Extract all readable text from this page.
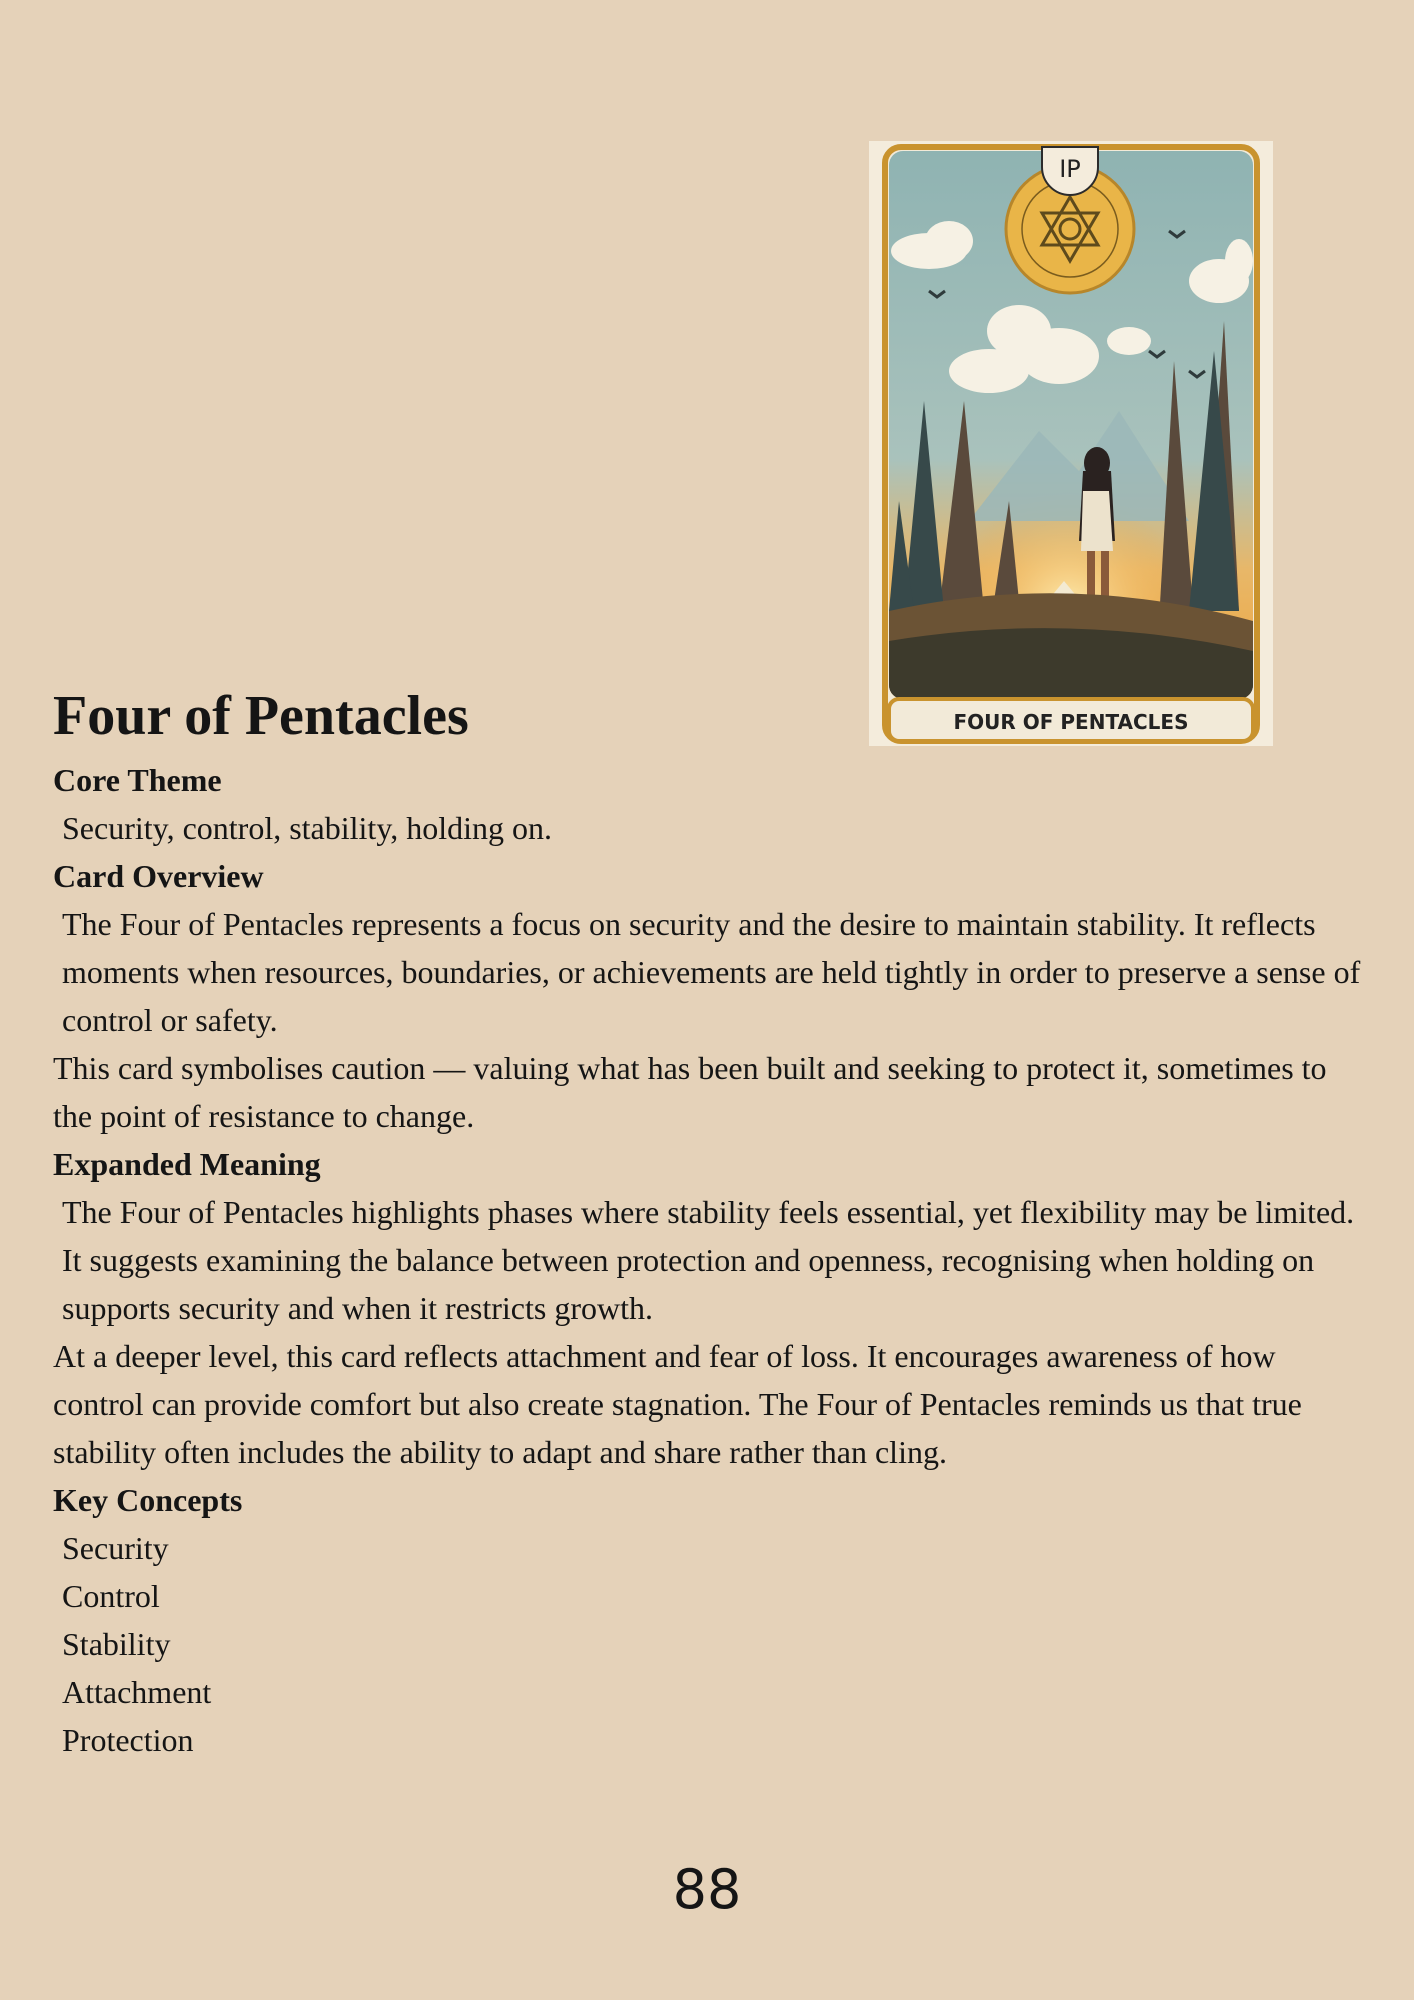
IP
FOUR OF PENTACLES
Four of Pentacles

Core Theme

Security, control, stability, holding on.

Card Overview

The Four of Pentacles represents a focus on security and the desire to maintain stability. It reflects moments when resources, boundaries, or achievements are held tightly in order to preserve a sense of control or safety.

This card symbolises caution — valuing what has been built and seeking to protect it, sometimes to the point of resistance to change.

Expanded Meaning

The Four of Pentacles highlights phases where stability feels essential, yet flexibility may be limited. It suggests examining the balance between protection and openness, recognising when holding on supports security and when it restricts growth.

At a deeper level, this card reflects attachment and fear of loss. It encourages awareness of how control can provide comfort but also create stagnation. The Four of Pentacles reminds us that true stability often includes the ability to adapt and share rather than cling.

Key Concepts

Security
Control
Stability
Attachment
Protection
88
